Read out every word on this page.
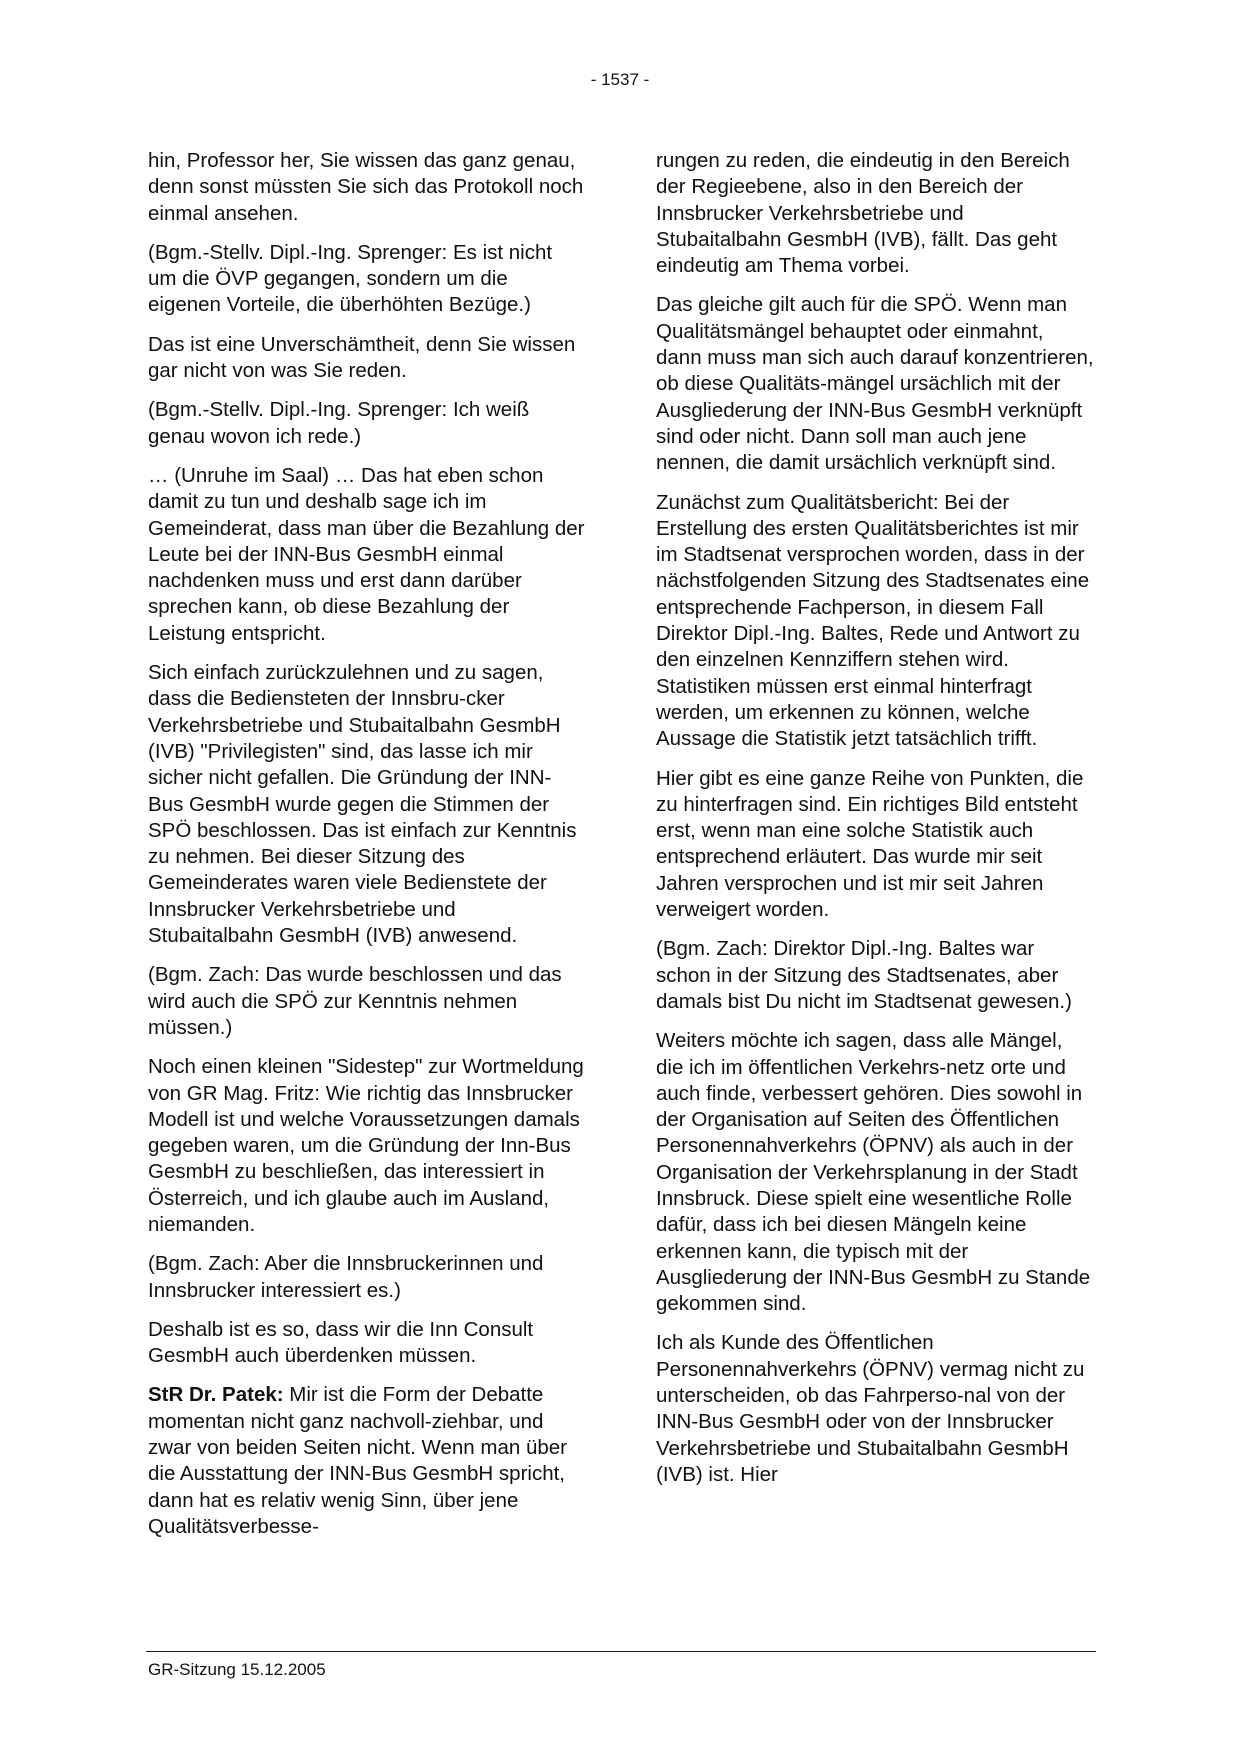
- 1537 -

hin, Professor her, Sie wissen das ganz genau, denn sonst müssten Sie sich das Protokoll noch einmal ansehen.

(Bgm.-Stellv. Dipl.-Ing. Sprenger: Es ist nicht um die ÖVP gegangen, sondern um die eigenen Vorteile, die überhöhten Bezüge.)

Das ist eine Unverschämtheit, denn Sie wissen gar nicht von was Sie reden.

(Bgm.-Stellv. Dipl.-Ing. Sprenger: Ich weiß genau wovon ich rede.)

… (Unruhe im Saal) … Das hat eben schon damit zu tun und deshalb sage ich im Gemeinderat, dass man über die Bezahlung der Leute bei der INN-Bus GesmbH einmal nachdenken muss und erst dann darüber sprechen kann, ob diese Bezahlung der Leistung entspricht.

Sich einfach zurückzulehnen und zu sagen, dass die Bediensteten der Innsbru-cker Verkehrsbetriebe und Stubaitalbahn GesmbH (IVB) "Privilegisten" sind, das lasse ich mir sicher nicht gefallen. Die Gründung der INN-Bus GesmbH wurde gegen die Stimmen der SPÖ beschlossen. Das ist einfach zur Kenntnis zu nehmen. Bei dieser Sitzung des Gemeinderates waren viele Bedienstete der Innsbrucker Verkehrsbetriebe und Stubaitalbahn GesmbH (IVB) anwesend.

(Bgm. Zach: Das wurde beschlossen und das wird auch die SPÖ zur Kenntnis nehmen müssen.)

Noch einen kleinen "Sidestep" zur Wortmeldung von GR Mag. Fritz: Wie richtig das Innsbrucker Modell ist und welche Voraussetzungen damals gegeben waren, um die Gründung der Inn-Bus GesmbH zu beschließen, das interessiert in Österreich, und ich glaube auch im Ausland, niemanden.

(Bgm. Zach: Aber die Innsbruckerinnen und Innsbrucker interessiert es.)

Deshalb ist es so, dass wir die Inn Consult GesmbH auch überdenken müssen.

StR Dr. Patek: Mir ist die Form der Debatte momentan nicht ganz nachvoll-ziehbar, und zwar von beiden Seiten nicht. Wenn man über die Ausstattung der INN-Bus GesmbH spricht, dann hat es relativ wenig Sinn, über jene Qualitätsverbesse-

rungen zu reden, die eindeutig in den Bereich der Regieebene, also in den Bereich der Innsbrucker Verkehrsbetriebe und Stubaitalbahn GesmbH (IVB), fällt. Das geht eindeutig am Thema vorbei.

Das gleiche gilt auch für die SPÖ. Wenn man Qualitätsmängel behauptet oder einmahnt, dann muss man sich auch darauf konzentrieren, ob diese Qualitäts-mängel ursächlich mit der Ausgliederung der INN-Bus GesmbH verknüpft sind oder nicht. Dann soll man auch jene nennen, die damit ursächlich verknüpft sind.

Zunächst zum Qualitätsbericht: Bei der Erstellung des ersten Qualitätsberichtes ist mir im Stadtsenat versprochen worden, dass in der nächstfolgenden Sitzung des Stadtsenates eine entsprechende Fachperson, in diesem Fall Direktor Dipl.-Ing. Baltes, Rede und Antwort zu den einzelnen Kennziffern stehen wird. Statistiken müssen erst einmal hinterfragt werden, um erkennen zu können, welche Aussage die Statistik jetzt tatsächlich trifft.

Hier gibt es eine ganze Reihe von Punkten, die zu hinterfragen sind. Ein richtiges Bild entsteht erst, wenn man eine solche Statistik auch entsprechend erläutert. Das wurde mir seit Jahren versprochen und ist mir seit Jahren verweigert worden.

(Bgm. Zach: Direktor Dipl.-Ing. Baltes war schon in der Sitzung des Stadtsenates, aber damals bist Du nicht im Stadtsenat gewesen.)

Weiters möchte ich sagen, dass alle Mängel, die ich im öffentlichen Verkehrs-netz orte und auch finde, verbessert gehören. Dies sowohl in der Organisation auf Seiten des Öffentlichen Personennahverkehrs (ÖPNV) als auch in der Organisation der Verkehrsplanung in der Stadt Innsbruck. Diese spielt eine wesentliche Rolle dafür, dass ich bei diesen Mängeln keine erkennen kann, die typisch mit der Ausgliederung der INN-Bus GesmbH zu Stande gekommen sind.

Ich als Kunde des Öffentlichen Personennahverkehrs (ÖPNV) vermag nicht zu unterscheiden, ob das Fahrperso-nal von der INN-Bus GesmbH oder von der Innsbrucker Verkehrsbetriebe und Stubaitalbahn GesmbH (IVB) ist. Hier

GR-Sitzung 15.12.2005
